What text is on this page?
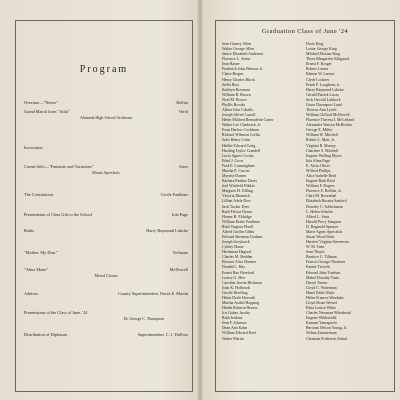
Program
Overture—"Nemo"	Bellini
Grand March from "Aida"	Verdi
Alameda High School Orchestra
Invocation.
Cornet Solo—"Fantaisie and Variations"	Artes
Morris Sprechols
The Constitution	Cecile Faulkner
Presentation of Class Gift to the School	Iola Page
Radio	Harry Raymond Lubcke
"Mother. My Dear"	Treharne
"Alma Mater"	McDowell
Mixed Chorus
Address	County Superintendent, David E. Martin
Presentation of the Class of June, '24
Dr. George C. Thompson
Distribution of Diplomas	Superintendent, C. J. DuFour
Graduation Class of June '24
Jean Chaney Allen
Walter George Allen
Janice Elizabeth Anderson
Florence L. Arena
Jean Bayne
Frederick John Benson, Jr.
Claire Berges
Henry Charles Block
Stella Bost
Kathryn Bowman
William R. Brown
Noel M. Brown
Phyllis Brooks
Albert John Caballo
Joseph Alfred Carroll
Helen Mildred Bernadette Carter
Walter Lee Chadwick, Jr.
Evan Harlow Cockburn
Richard Wilmont Coffin
Jules Henry Cohn
Hallett Edward Craig
Harding Taylor Crandell
Lucia Agnes Crosby
Ethel J. Crow
Fred E. Cunningham
Martha E. Currier
Myrette Daines
Barbara Pauline Davis
Joel Winfield Dikkin
Margaret H. Dilling
Victoria Dimmick
Lillian Adele Dow
Jack Tucker Dyer
Ruth Felicia Dyson
Homer R. Eldridge
William Drake Faulkner
Ruth Virginia Fluell
Alfred Griffin Gibbs
Edward Sherman Graham
Joseph Greyhawk
Cyhley Haase
Hershman Hagood
Charles M. Hedden
Eleanor Alice Hartner
Donald L. Hay
Ernest Ray Hereford
Louise G. Herr
Caroline Jeretta Hickman
John K. Holbrook
Geoffe Hoefling
Helen Dorle Horvath
Martha Arabel Hopping
Hedda Roberta Horton
Iris Gabey Jacoby
Ruth Jenkins
Jean F. Johnson
Dean Ann Kahn
William Edward Keef
Walter Martin
Doris King
Lester George King
Mildred Maxine King
Thora Margarette Klitgaard
Ernest F. Kroger
Robert Larsen
Edmon W. Larsen
Clyde Lockner
Frank F. Loughran, Jr.
Harry Raymond Lubcke
Gerald Patrick Lucas
Jack Oswald Lubbock
Grace Davenport Lund
Theresa Ann Lynch
William Clifford McDowell
Florence Theresa I. McLelland
Alexander Watson McRitchie
George E. Miller
William W. Mitchell
Robert L. Mott, Jr.
Virginia R. Murray
Charlene S. Mitchell
Eugene Welling Myers
Iola Alma Page
E. Alvin Oliver
Wilfred Phillips
Alice Isabelle Reid
Eugene Ruth Reid
William F. Rogers
Florence E. Rollins, Jr.
Clara M. Rosenthal
Elizabeth Rosetta Sanford
Dorothy C. Schlickman
L. Helen Schulze
Alfred L. Sims
Harold Percy Simpson
D. Reginald Spencer
Marie Agnes Sprechols
Stuart Wood Stein
Harriett Virginia Stevenson
W. M. Tenn
Jean Thayer
Beatrice C. Tillman
Francis George Thornton
Fannie Trowels
Edward John Truebart
Mabel Dorothy Turin
Darryl Turner
Lloyd C. Waterman
Hazel Edith Waite
Helen Frances Weaduke
Lloyd Sloan Wessel
Edna Louise White
Charles Newman Whitehead
Eugene Wilderfield
Kazumi Yamaguchi
Bertram Nelson Young, Jr.
Wilma Zimmerman
Christian Frederick Zehnd
